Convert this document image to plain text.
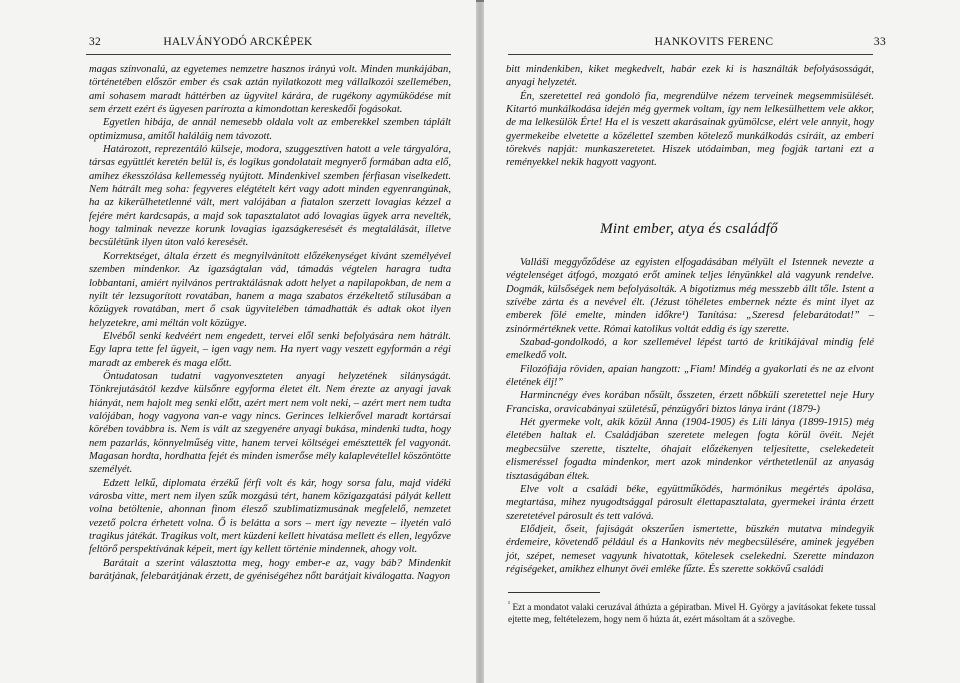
32	HALVÁNYODÓ ARCKÉPEK

magas színvonalú, az egyetemes nemzetre hasznos irányú volt. Minden munkájában, történetében először ember és csak aztán nyilatkozott meg vállalkozói szellemében, ami sohasem maradt háttérben az ügyvitel kárára, de rugékony agymüködése mit sem érzett ezért és ügyesen parírozta a kimondottan kereskedői fogásokat.

Egyetlen hibája, de annál nemesebb oldala volt az emberekkel szemben táplált optimizmusa, amitől haláláig nem távozott.

Határozott, reprezentáló külseje, modora, szuggesztíven hatott a vele tárgyalóra, társas együttlét keretén belül is, és logikus gondolatait megnyerő formában adta elő, amihez ékesszólása kellemesség nyújtott. Mindenkivel szemben férfiasan viselkedett. Nem hátrált meg soha: fegyveres elégtételt kért vagy adott minden egyenrangúnak, ha az kikerülhetetlenné vált, mert valójában a fiatalon szerzett lovagias kézzel a fejére mért kardcsapás, a majd sok tapasztalatot adó lovagias ügyek arra nevelték, hogy talminak nevezze korunk lovagias igazságkeresését és megtalálását, illetve becsülétünk ilyen úton való keresését.

Korrektséget, általa érzett és megnyilvánított előzékenységet kívánt személyével szemben mindenkor. Az igazságtalan vád, támadás végtelen haragra tudta lobbantani, amiért nyilvános pertraktálásnak adott helyet a napilapokban, de nem a nyilt tér lezsugorított rovatában, hanem a maga szabatos érzékeltető stílusában a közügyek rovatában, mert ő csak ügyvitelében támadhatták és adtak okot ilyen helyzetekre, ami méltán volt közügye.

Elvéből senki kedvéért nem engedett, tervei elől senki befolyására nem hátrált. Egy lapra tette fel ügyeit, – igen vagy nem. Ha nyert vagy veszett egyformán a régi maradt az emberek és maga előtt.

Öntudatosan tudatni vagyonveszteten anyagi helyzetének silányságát. Tönkrejutásától kezdve külsőnre egyforma életet élt. Nem érezte az anyagi javak hiányát, nem hajolt meg senki előtt, azért mert nem volt neki, – azért mert nem tudta valójában, hogy vagyona van-e vagy nincs. Gerinces lelkierővel maradt kortársai körében továbbra is. Nem is vált az szegyenére anyagi bukása, mindenki tudta, hogy nem pazarlás, könnyelműség vitte, hanem tervei költségei emésztették fel vagyonát. Magasan hordta, hordhatta fejét és minden ismerőse mély kalaplevétellel köszöntötte személyét.

Edzett lelkű, diplomata érzékű férfi volt és kár, hogy sorsa falu, majd vidéki városba vitte, mert nem ilyen szűk mozgású tért, hanem közigazgatási pályát kellett volna betöltenie, ahonnan finom élesző szublimatizmusának megfelelő, nemzetet vezető polcra érhetett volna. Ő is belátta a sors – mert így nevezte – ilyetén való tragikus játékát. Tragikus volt, mert küzdeni kellett hivatása mellett és ellen, legyőzve feltörő perspektívának képeit, mert így kellett történie mindennek, ahogy volt.

Barátait a szerint választotta meg, hogy ember-e az, vagy báb? Mindenkit barátjának, felebarátjának érzett, de gyéniségéhez nőtt barátjait kiválogatta. Nagyon

HANKOVITS FERENC	33

bitt mindenkiben, kiket megkedvelt, habár ezek ki is használták befolyásosságát, anyagi helyzetét.

Én, szeretettel reá gondoló fia, megrendülve nézem terveinek megsemmisülését. Kitartó munkálkodása idején még gyermek voltam, így nem lelkesülhettem vele akkor, de ma lelkesülök Érte! Ha el is veszett akarásainak gyümölcse, elért vele annyit, hogy gyermekeibe elvetette a közéletteI szemben kötelező munkálkodás csíráit, az emberi törekvés napját: munkaszeretetet. Hiszek utódaimban, meg fogják tartani ezt a reményekkel nekik hagyott vagyont.

Mint ember, atya és családfő

Valláši meggyőződése az egyisten elfogadásában mélyült el Istennek nevezte a végtelenséget átfogó, mozgató erőt aminek teljes lényünkkel alá vagyunk rendelve. Dogmák, külsőségek nem befolyásolták. A bigotizmus még messzebb állt tőle. Istent a szívébe zárta és a nevével élt. (Jézust töhéletes embernek nézte és mint ilyet az emberek fölé emelte, minden időkre¹) Tanítása: „Szeresd felebarátodat!” – zsinórmértéknek vette. Római katolikus voltát eddig és így szerette.

Szabad-gondolkodó, a kor szellemével lépést tartó de kritikájával mindig felé emelkedő volt.

Filozófiája röviden, apaian hangzott: „Fiam! Mindég a gyakorlati és ne az elvont életének élj!”

Harmincnégy éves korában nősült, ősszeten, érzett nőbküli szeretettel neje Hury Franciska, oravicabányai születésű, pénzügyőri biztos lánya iránt (1879-)

Hét gyermeke volt, akik közül Anna (1904-1905) és Lili lánya (1899-1915) még életében haltak el. Családjában szeretete melegen fogta körül övéit. Nejét megbecsülve szerette, tisztelte, óhajait előzékenyen teljesítette, cselekedeteit elismeréssel fogadta mindenkor, mert azok mindenkor vérthetetlenül az anyaság tisztaságában éltek.

Elve volt a családi béke, együttműködés, harmónikus megértés ápolása, megtartása, mihez nyugodtsággal párosult élettapasztalata, gyermekei iránta érzett szeretetével párosult és tett valóvá.

Elődjeit, őseit, fajiságát okszerűen ismertette, büszkén mutatva mindegyik érdemeire, követendő például és a Hankovits név megbecsülésére, aminek jegyében jót, szépet, nemeset vagyunk hivatottak, kötelesek cselekedni. Szerette mindazon régiségeket, amikhez elhunyt övéi emléke fűzte. És szerette sokkövű családi

$^{^1}$ Ezt a mondatot valaki ceruzával áthúzta a gépiratban. Mivel H. György a javításokat fekete tussal ejtette meg, feltételezem, hogy nem ő húzta át, ezért másoltam át a szövegbe.
